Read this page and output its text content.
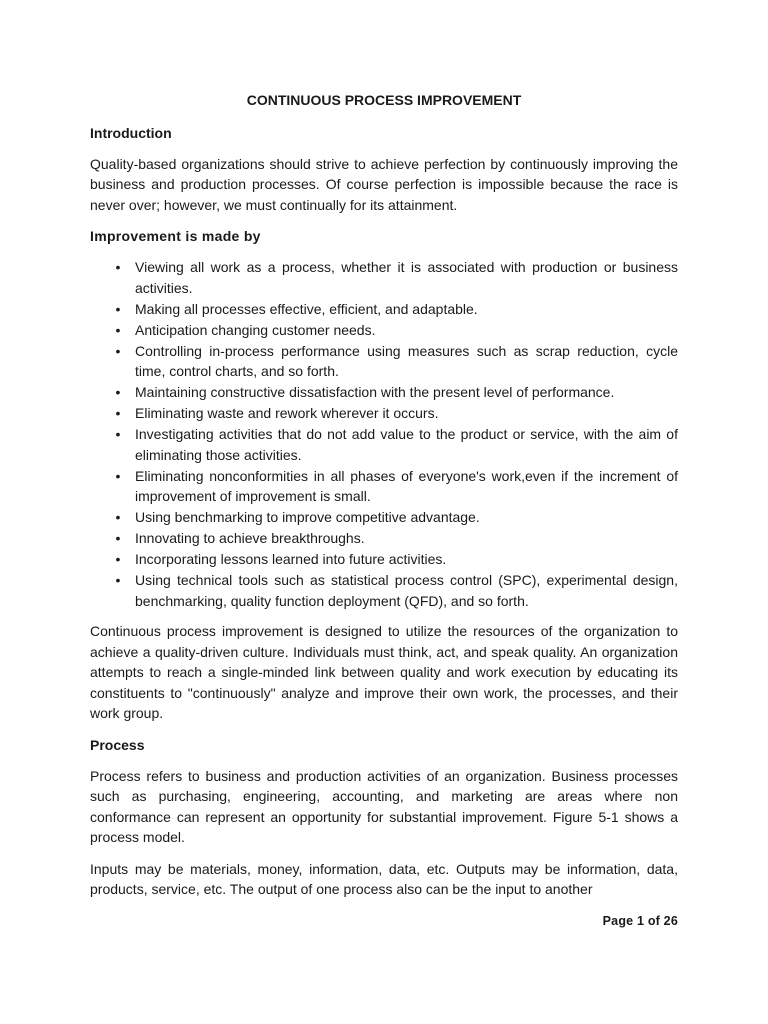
CONTINUOUS PROCESS IMPROVEMENT
Introduction

Quality-based organizations should strive to achieve perfection by continuously improving the business and production processes. Of course perfection is impossible because the race is never over; however, we must continually for its attainment.

Improvement is made by
• Viewing all work as a process, whether it is associated with production or business activities.
• Making all processes effective, efficient, and adaptable.
• Anticipation changing customer needs.
• Controlling in-process performance using measures such as scrap reduction, cycle time, control charts, and so forth.
• Maintaining constructive dissatisfaction with the present level of performance.
• Eliminating waste and rework wherever it occurs.
• Investigating activities that do not add value to the product or service, with the aim of eliminating those activities.
• Eliminating nonconformities in all phases of everyone's work,even if the increment of improvement of improvement is small.
• Using benchmarking to improve competitive advantage.
• Innovating to achieve breakthroughs.
• Incorporating lessons learned into future activities.
• Using technical tools such as statistical process control (SPC), experimental design, benchmarking, quality function deployment (QFD), and so forth.

Continuous process improvement is designed to utilize the resources of the organization to achieve a quality-driven culture. Individuals must think, act, and speak quality. An organization attempts to reach a single-minded link between quality and work execution by educating its constituents to "continuously" analyze and improve their own work, the processes, and their work group.

Process

Process refers to business and production activities of an organization. Business processes such as purchasing, engineering, accounting, and marketing are areas where non conformance can represent an opportunity for substantial improvement. Figure 5-1 shows a process model.

Inputs may be materials, money, information, data, etc. Outputs may be information, data, products, service, etc. The output of one process also can be the input to another

Page 1 of 26
